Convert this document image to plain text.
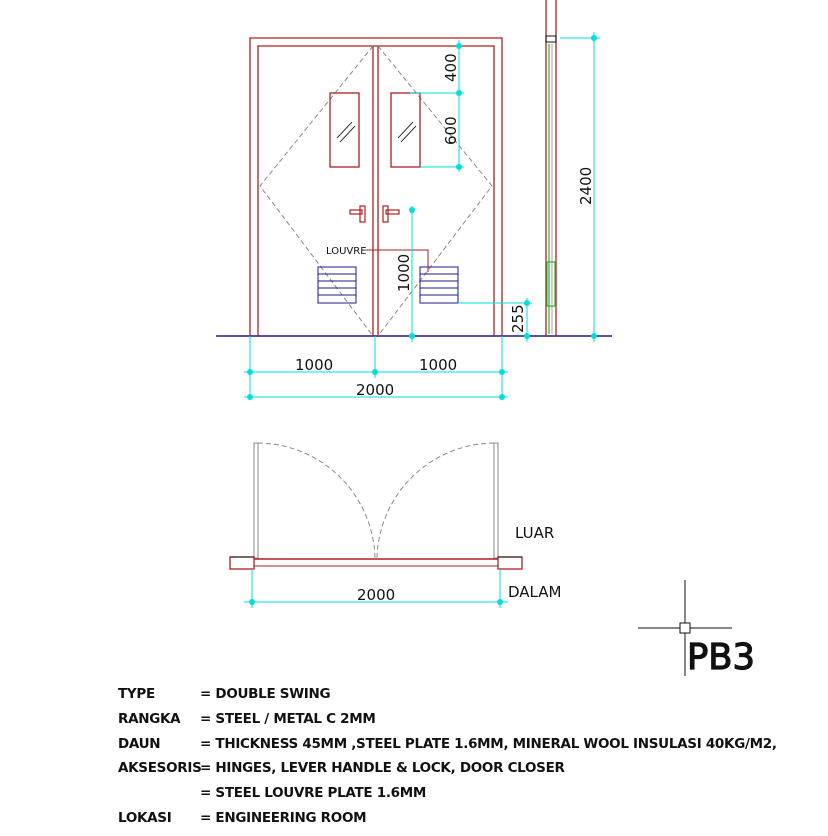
LOUVRE
1000	1000
2000
400
600
1000
255
2400
2000
LUAR
DALAM
PB3
TYPE	= DOUBLE SWING
RANGKA = STEEL / METAL C 2MM
DAUN	= THICKNESS 45MM ,STEEL PLATE 1.6MM, MINERAL WOOL INSULASI 40KG/M2,
AKSESORIS
= HINGES, LEVER HANDLE & LOCK, DOOR CLOSER
= STEEL LOUVRE PLATE 1.6MM
LOKASI = ENGINEERING ROOM
